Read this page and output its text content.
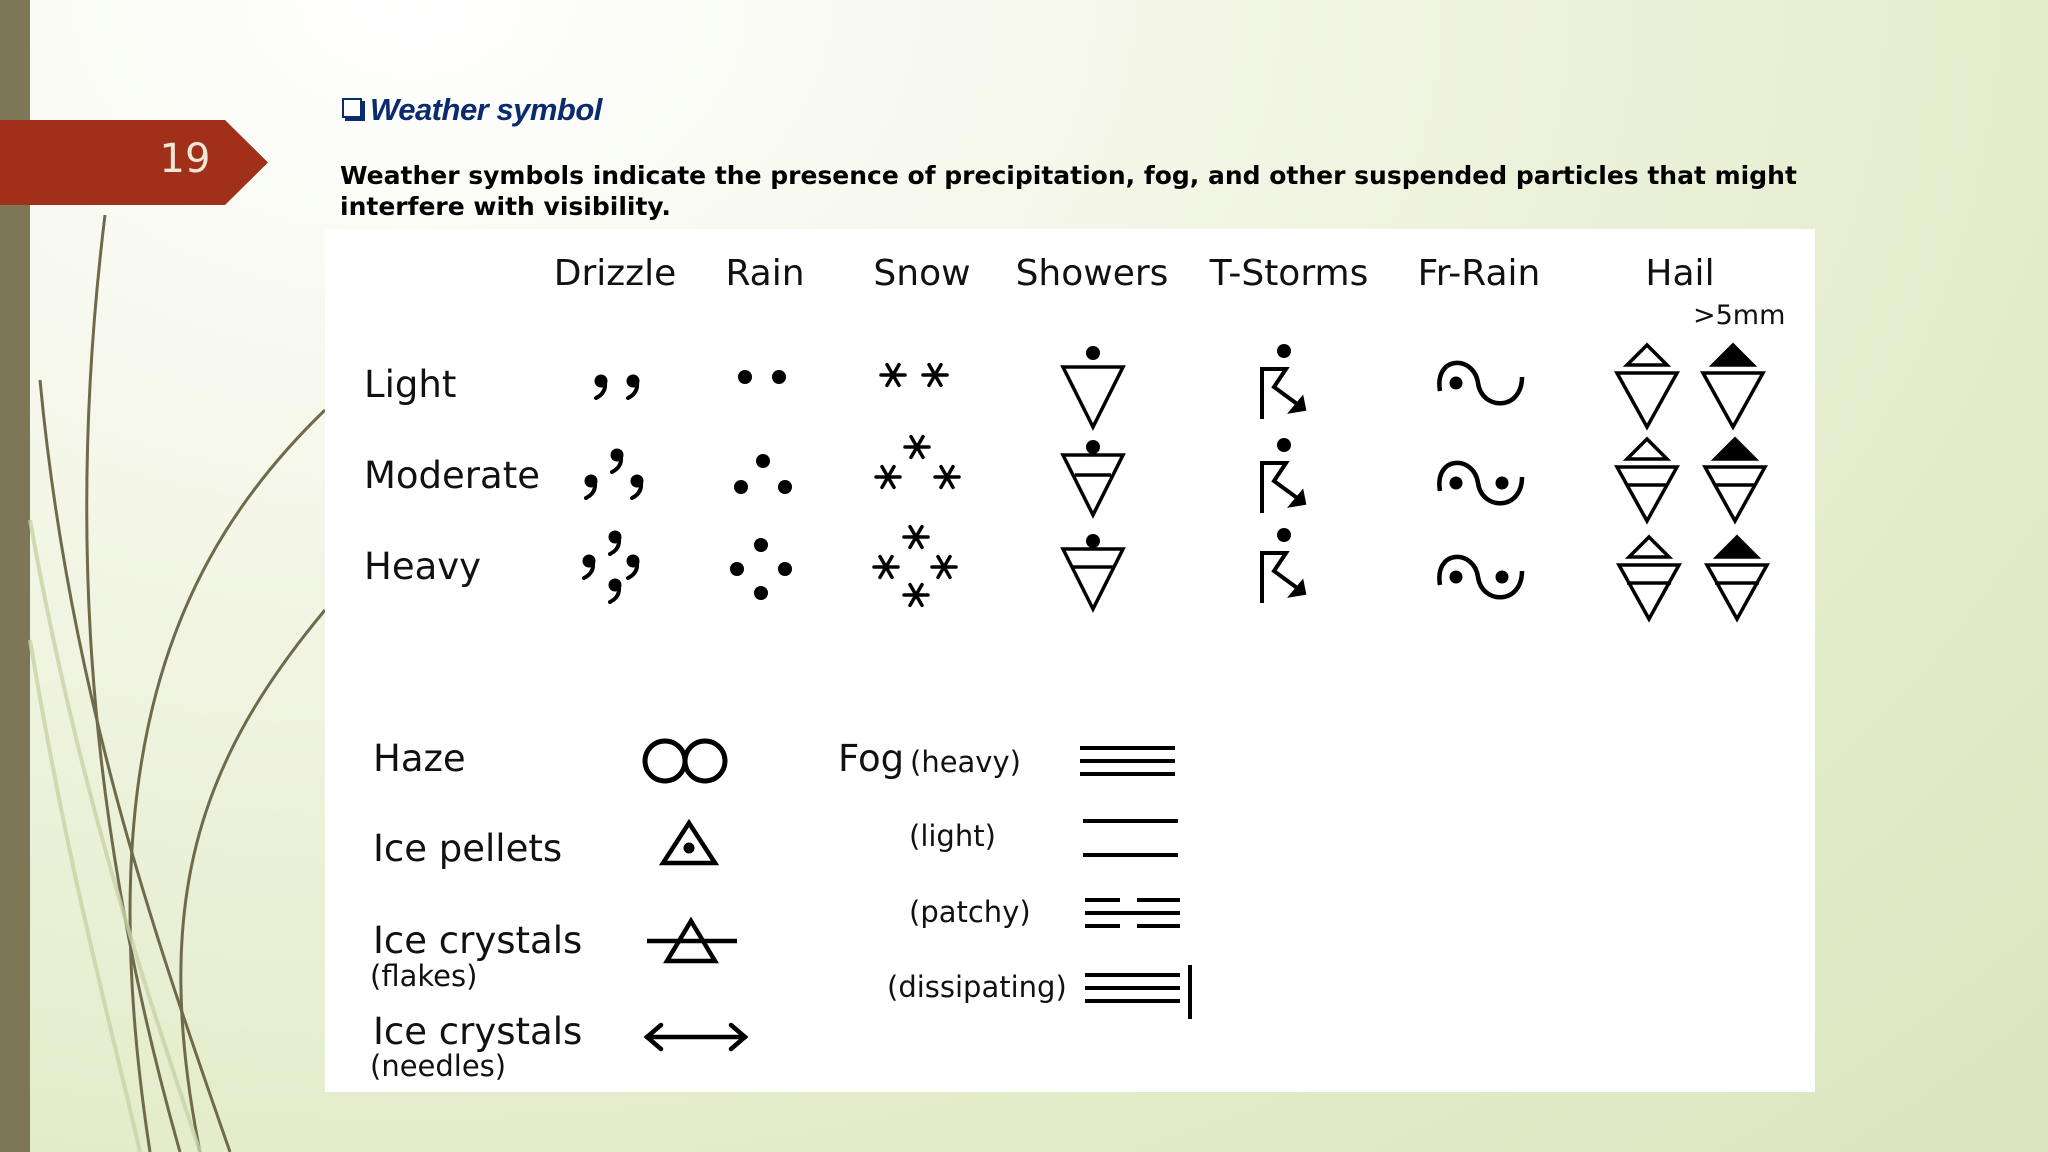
19
Weather symbol
Weather symbols indicate the presence of precipitation, fog, and other suspended particles that might interfere with visibility.
Drizzle Rain Snow Showers T-Storms Fr-Rain	Hail
>5mm
Light
Moderate
Heavy
Haze
Ice pellets
Ice crystals
(flakes)
Ice crystals
(needles)
Fog (heavy)
(light)
(patchy)
(dissipating)
